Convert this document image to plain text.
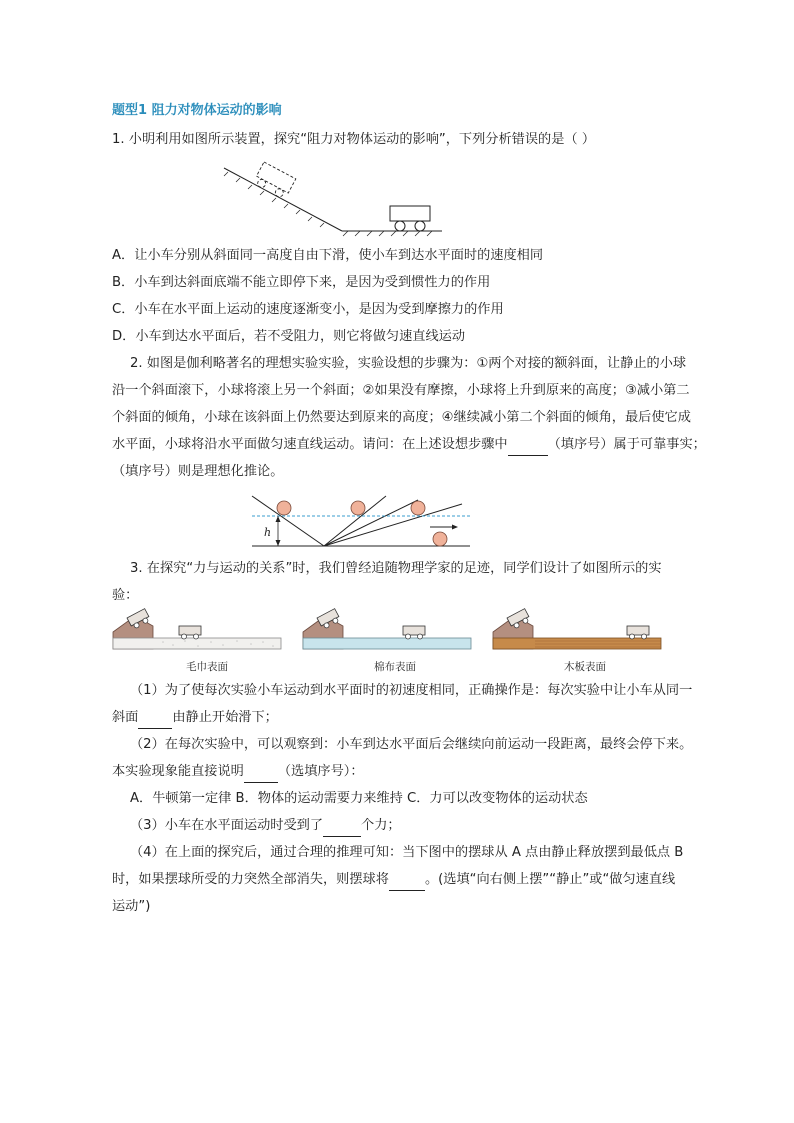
题型1 阻力对物体运动的影响
1. 小明利用如图所示装置，探究“阻力对物体运动的影响”，下列分析错误的是（ ）
A．让小车分别从斜面同一高度自由下滑，使小车到达水平面时的速度相同
B．小车到达斜面底端不能立即停下来，是因为受到惯性力的作用
C．小车在水平面上运动的速度逐渐变小，是因为受到摩擦力的作用
D．小车到达水平面后，若不受阻力，则它将做匀速直线运动
2. 如图是伽利略著名的理想实验实验，实验设想的步骤为：①两个对接的额斜面，让静止的小球
沿一个斜面滚下，小球将滚上另一个斜面；②如果没有摩擦，小球将上升到原来的高度；③减小第二
个斜面的倾角，小球在该斜面上仍然要达到原来的高度；④继续减小第二个斜面的倾角，最后使它成
水平面，小球将沿水平面做匀速直线运动。请问：在上述设想步骤中	（填序号）属于可靠事实；
（填序号）则是理想化推论。
h
3. 在探究“力与运动的关系”时，我们曾经追随物理学家的足迹，同学们设计了如图所示的实
验：
毛巾表面	棉布表面	木板表面
（1）为了使每次实验小车运动到水平面时的初速度相同，正确操作是：每次实验中让小车从同一
斜面	由静止开始滑下；
（2）在每次实验中，可以观察到：小车到达水平面后会继续向前运动一段距离，最终会停下来。
本实验现象能直接说明	（选填序号）：
A．牛顿第一定律 B．物体的运动需要力来维持 C．力可以改变物体的运动状态
（3）小车在水平面运动时受到了	个力；
（4）在上面的探究后，通过合理的推理可知：当下图中的摆球从 A 点由静止释放摆到最低点 B
时，如果摆球所受的力突然全部消失，则摆球将	。(选填“向右侧上摆”“静止”或“做匀速直线
运动”)
